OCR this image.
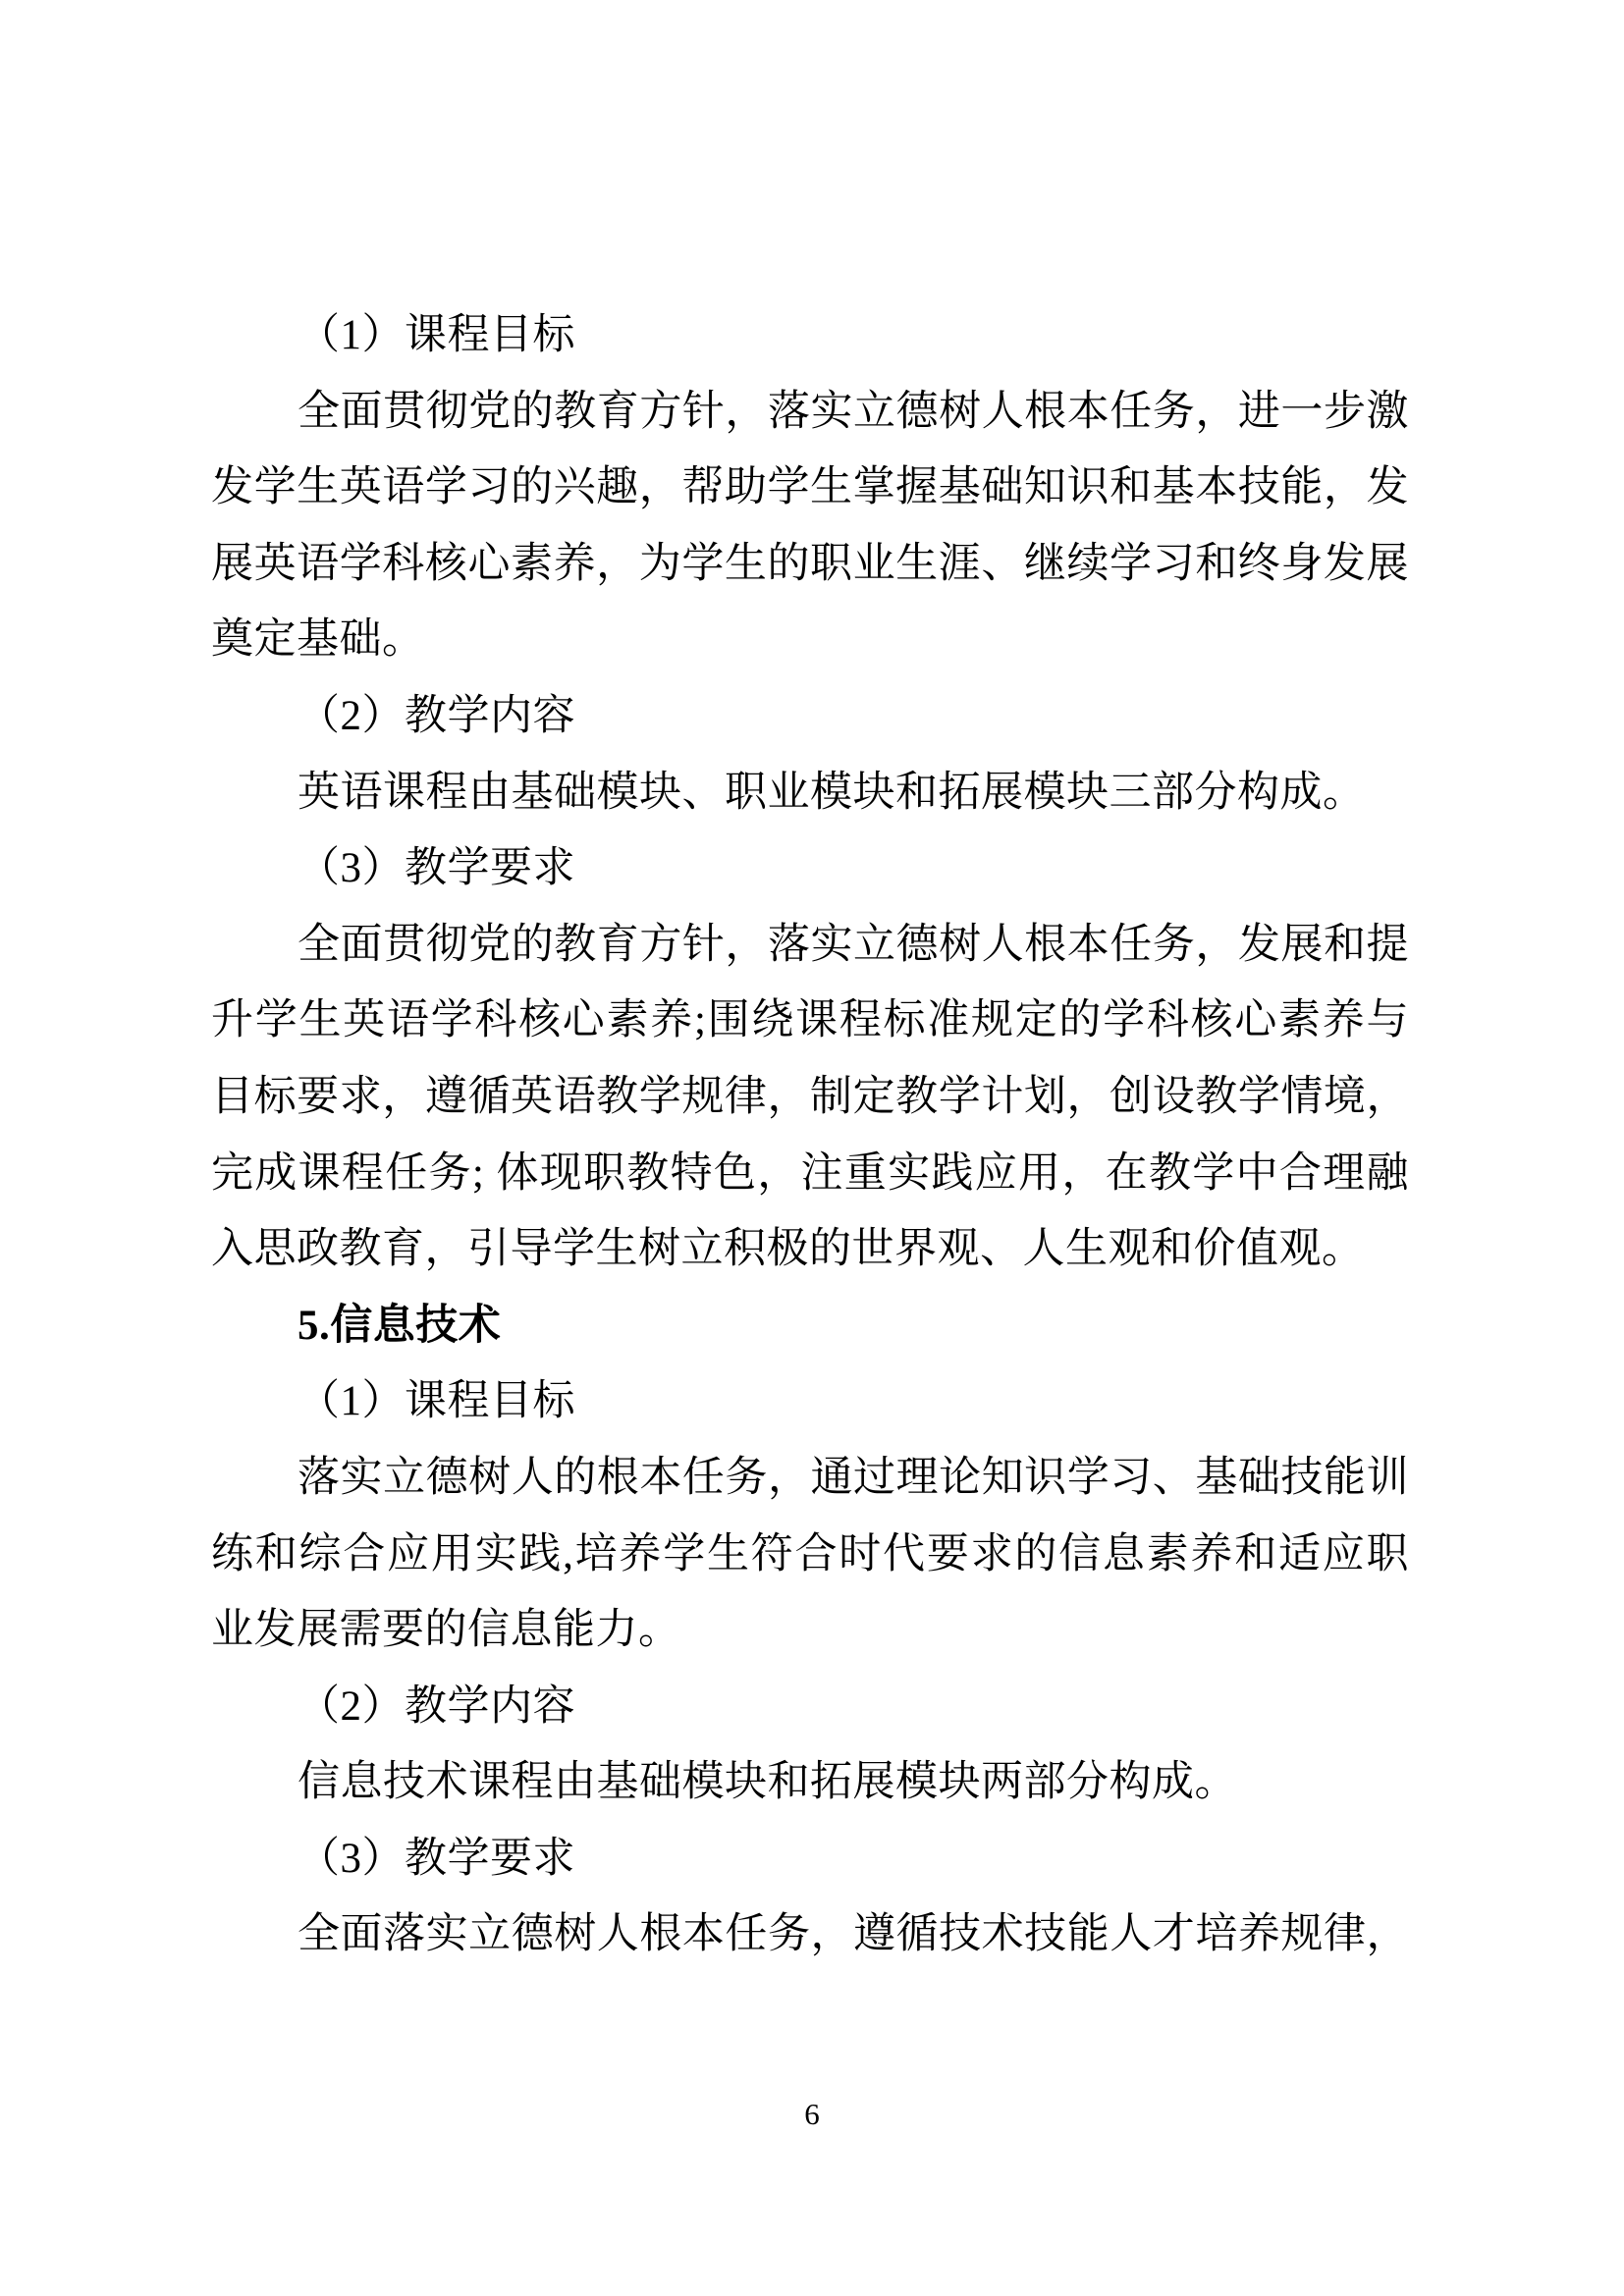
（1）课程目标
全面贯彻党的教育方针，落实立德树人根本任务，进一步激
发学生英语学习的兴趣，帮助学生掌握基础知识和基本技能，发
展英语学科核心素养，为学生的职业生涯、继续学习和终身发展
奠定基础。
（2）教学内容
英语课程由基础模块、职业模块和拓展模块三部分构成。
（3）教学要求
全面贯彻党的教育方针，落实立德树人根本任务，发展和提
升学生英语学科核心素养;围绕课程标准规定的学科核心素养与
目标要求，遵循英语教学规律，制定教学计划，创设教学情境，
完成课程任务; 体现职教特色，注重实践应用，在教学中合理融
入思政教育，引导学生树立积极的世界观、人生观和价值观。
5.信息技术
（1）课程目标
落实立德树人的根本任务，通过理论知识学习、基础技能训
练和综合应用实践,培养学生符合时代要求的信息素养和适应职
业发展需要的信息能力。
（2）教学内容
信息技术课程由基础模块和拓展模块两部分构成。
（3）教学要求
全面落实立德树人根本任务，遵循技术技能人才培养规律，
6
